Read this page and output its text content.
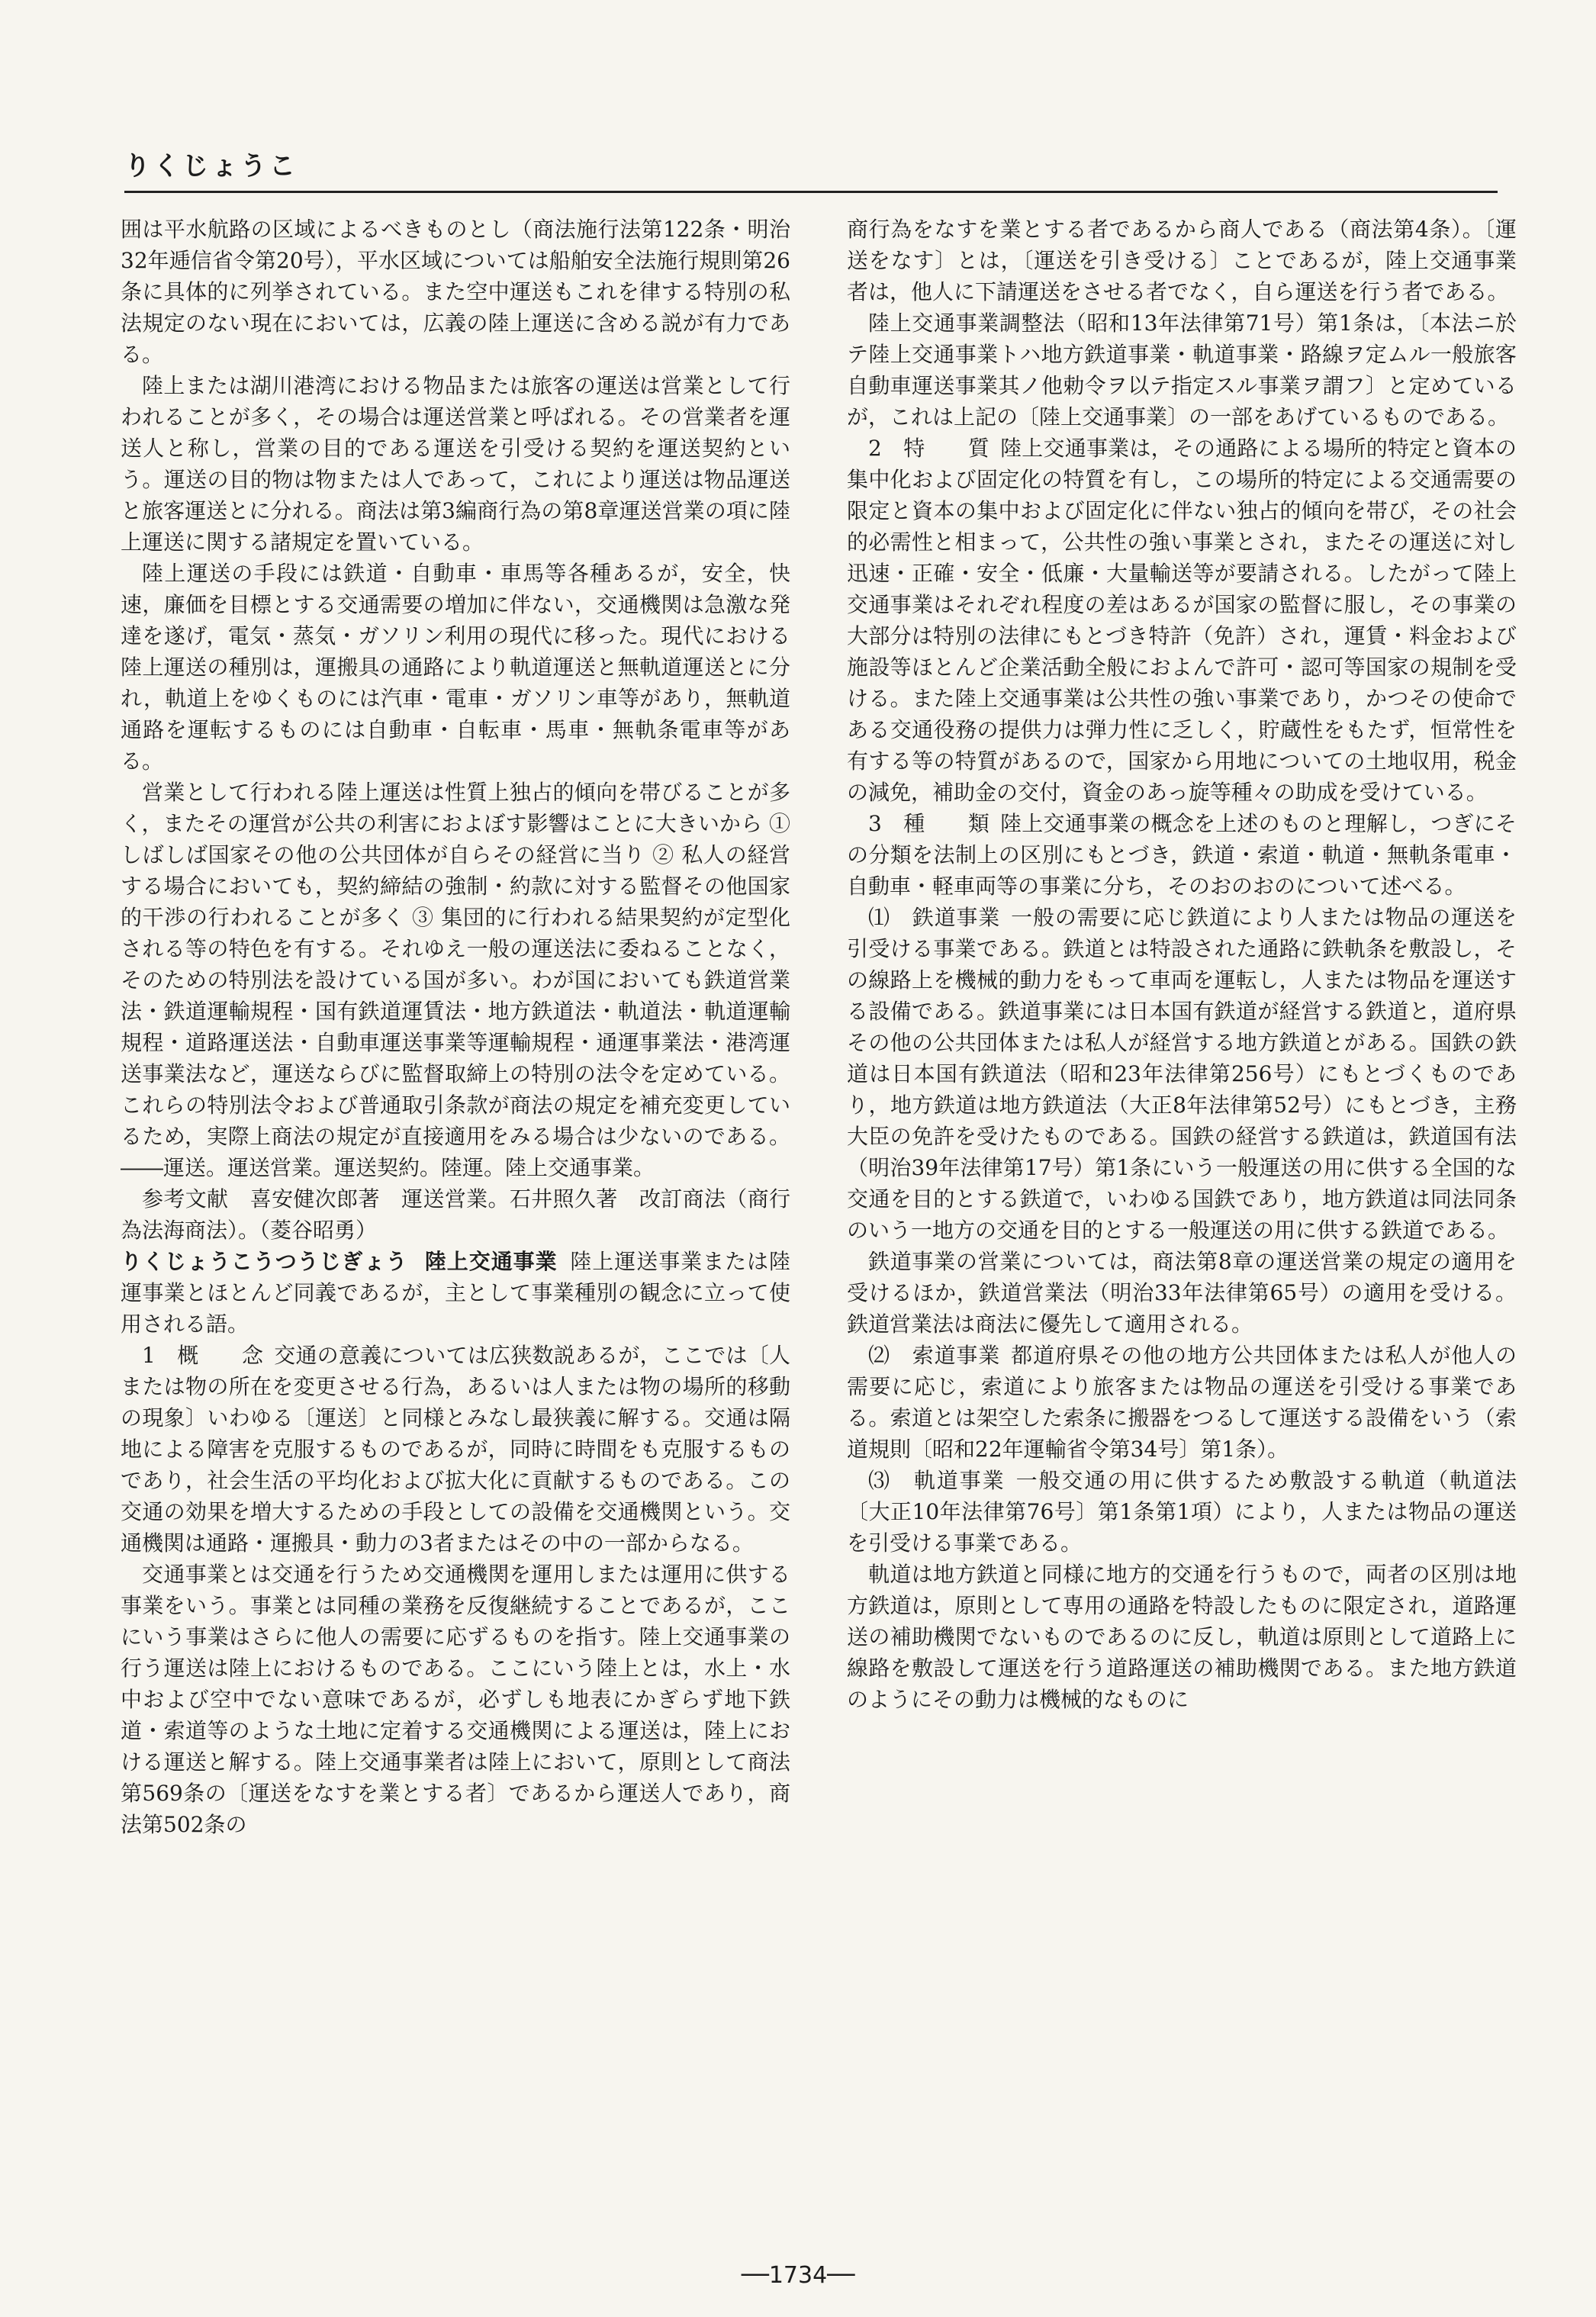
りくじょうこ

囲は平水航路の区域によるべきものとし（商法施行法第122条・明治32年逓信省令第20号），平水区域については船舶安全法施行規則第26条に具体的に列挙されている。また空中運送もこれを律する特別の私法規定のない現在においては，広義の陸上運送に含める説が有力である。

陸上または湖川港湾における物品または旅客の運送は営業として行われることが多く，その場合は運送営業と呼ばれる。その営業者を運送人と称し，営業の目的である運送を引受ける契約を運送契約という。運送の目的物は物または人であって，これにより運送は物品運送と旅客運送とに分れる。商法は第3編商行為の第8章運送営業の項に陸上運送に関する諸規定を置いている。

陸上運送の手段には鉄道・自動車・車馬等各種あるが，安全，快速，廉価を目標とする交通需要の増加に伴ない，交通機関は急激な発達を遂げ，電気・蒸気・ガソリン利用の現代に移った。現代における陸上運送の種別は，運搬具の通路により軌道運送と無軌道運送とに分れ，軌道上をゆくものには汽車・電車・ガソリン車等があり，無軌道通路を運転するものには自動車・自転車・馬車・無軌条電車等がある。

営業として行われる陸上運送は性質上独占的傾向を帯びることが多く，またその運営が公共の利害におよぼす影響はことに大きいから ① しばしば国家その他の公共団体が自らその経営に当り ② 私人の経営する場合においても，契約締結の強制・約款に対する監督その他国家的干渉の行われることが多く ③ 集団的に行われる結果契約が定型化される等の特色を有する。それゆえ一般の運送法に委ねることなく，そのための特別法を設けている国が多い。わが国においても鉄道営業法・鉄道運輸規程・国有鉄道運賃法・地方鉄道法・軌道法・軌道運輸規程・道路運送法・自動車運送事業等運輸規程・通運事業法・港湾運送事業法など，運送ならびに監督取締上の特別の法令を定めている。これらの特別法令および普通取引条款が商法の規定を補充変更しているため，実際上商法の規定が直接適用をみる場合は少ないのである。――運送。運送営業。運送契約。陸運。陸上交通事業。

参考文献　喜安健次郎著　運送営業。石井照久著　改訂商法（商行為法海商法）。（菱谷昭勇）

りくじょうこうつうじぎょう 陸上交通事業 陸上運送事業または陸運事業とほとんど同義であるが，主として事業種別の観念に立って使用される語。

1　概　　念 交通の意義については広狭数説あるが，ここでは〔人または物の所在を変更させる行為，あるいは人または物の場所的移動の現象〕いわゆる〔運送〕と同様とみなし最狭義に解する。交通は隔地による障害を克服するものであるが，同時に時間をも克服するものであり，社会生活の平均化および拡大化に貢献するものである。この交通の効果を増大するための手段としての設備を交通機関という。交通機関は通路・運搬具・動力の3者またはその中の一部からなる。

交通事業とは交通を行うため交通機関を運用しまたは運用に供する事業をいう。事業とは同種の業務を反復継続することであるが，ここにいう事業はさらに他人の需要に応ずるものを指す。陸上交通事業の行う運送は陸上におけるものである。ここにいう陸上とは，水上・水中および空中でない意味であるが，必ずしも地表にかぎらず地下鉄道・索道等のような土地に定着する交通機関による運送は，陸上における運送と解する。陸上交通事業者は陸上において，原則として商法第569条の〔運送をなすを業とする者〕であるから運送人であり，商法第502条の

商行為をなすを業とする者であるから商人である（商法第4条）。〔運送をなす〕とは，〔運送を引き受ける〕ことであるが，陸上交通事業者は，他人に下請運送をさせる者でなく，自ら運送を行う者である。

陸上交通事業調整法（昭和13年法律第71号）第1条は，〔本法ニ於テ陸上交通事業トハ地方鉄道事業・軌道事業・路線ヲ定ムル一般旅客自動車運送事業其ノ他勅令ヲ以テ指定スル事業ヲ謂フ〕と定めているが，これは上記の〔陸上交通事業〕の一部をあげているものである。

2　特　　質 陸上交通事業は，その通路による場所的特定と資本の集中化および固定化の特質を有し，この場所的特定による交通需要の限定と資本の集中および固定化に伴ない独占的傾向を帯び，その社会的必需性と相まって，公共性の強い事業とされ，またその運送に対し迅速・正確・安全・低廉・大量輸送等が要請される。したがって陸上交通事業はそれぞれ程度の差はあるが国家の監督に服し，その事業の大部分は特別の法律にもとづき特許（免許）され，運賃・料金および施設等ほとんど企業活動全般におよんで許可・認可等国家の規制を受ける。また陸上交通事業は公共性の強い事業であり，かつその使命である交通役務の提供力は弾力性に乏しく，貯蔵性をもたず，恒常性を有する等の特質があるので，国家から用地についての土地収用，税金の減免，補助金の交付，資金のあっ旋等種々の助成を受けている。

3　種　　類 陸上交通事業の概念を上述のものと理解し，つぎにその分類を法制上の区別にもとづき，鉄道・索道・軌道・無軌条電車・自動車・軽車両等の事業に分ち，そのおのおのについて述べる。

⑴　鉄道事業 一般の需要に応じ鉄道により人または物品の運送を引受ける事業である。鉄道とは特設された通路に鉄軌条を敷設し，その線路上を機械的動力をもって車両を運転し，人または物品を運送する設備である。鉄道事業には日本国有鉄道が経営する鉄道と，道府県その他の公共団体または私人が経営する地方鉄道とがある。国鉄の鉄道は日本国有鉄道法（昭和23年法律第256号）にもとづくものであり，地方鉄道は地方鉄道法（大正8年法律第52号）にもとづき，主務大臣の免許を受けたものである。国鉄の経営する鉄道は，鉄道国有法（明治39年法律第17号）第1条にいう一般運送の用に供する全国的な交通を目的とする鉄道で，いわゆる国鉄であり，地方鉄道は同法同条のいう一地方の交通を目的とする一般運送の用に供する鉄道である。

鉄道事業の営業については，商法第8章の運送営業の規定の適用を受けるほか，鉄道営業法（明治33年法律第65号）の適用を受ける。鉄道営業法は商法に優先して適用される。

⑵　索道事業 都道府県その他の地方公共団体または私人が他人の需要に応じ，索道により旅客または物品の運送を引受ける事業である。索道とは架空した索条に搬器をつるして運送する設備をいう（索道規則〔昭和22年運輸省令第34号〕第1条）。

⑶　軌道事業 一般交通の用に供するため敷設する軌道（軌道法〔大正10年法律第76号〕第1条第1項）により，人または物品の運送を引受ける事業である。

軌道は地方鉄道と同様に地方的交通を行うもので，両者の区別は地方鉄道は，原則として専用の通路を特設したものに限定され，道路運送の補助機関でないものであるのに反し，軌道は原則として道路上に線路を敷設して運送を行う道路運送の補助機関である。また地方鉄道のようにその動力は機械的なものに

──1734──
